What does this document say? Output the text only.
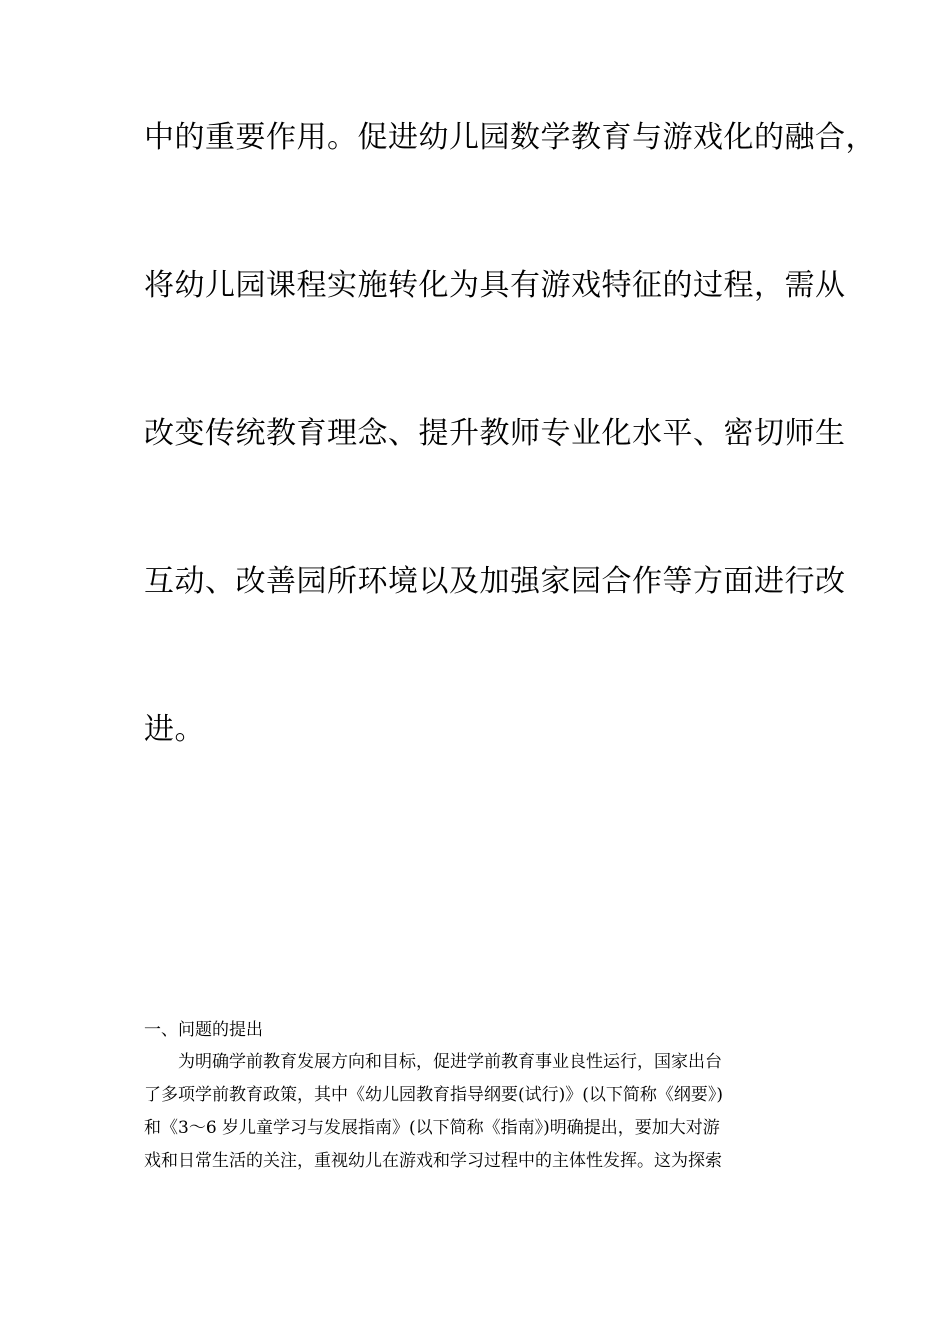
中的重要作用。促进幼儿园数学教育与游戏化的融合，

将幼儿园课程实施转化为具有游戏特征的过程，需从

改变传统教育理念、提升教师专业化水平、密切师生

互动、改善园所环境以及加强家园合作等方面进行改

进。

一、问题的提出

为明确学前教育发展方向和目标，促进学前教育事业良性运行，国家出台
了多项学前教育政策，其中《幼儿园教育指导纲要(试行)》(以下简称《纲要》)
和《3～6 岁儿童学习与发展指南》(以下简称《指南》)明确提出，要加大对游
戏和日常生活的关注，重视幼儿在游戏和学习过程中的主体性发挥。这为探索
